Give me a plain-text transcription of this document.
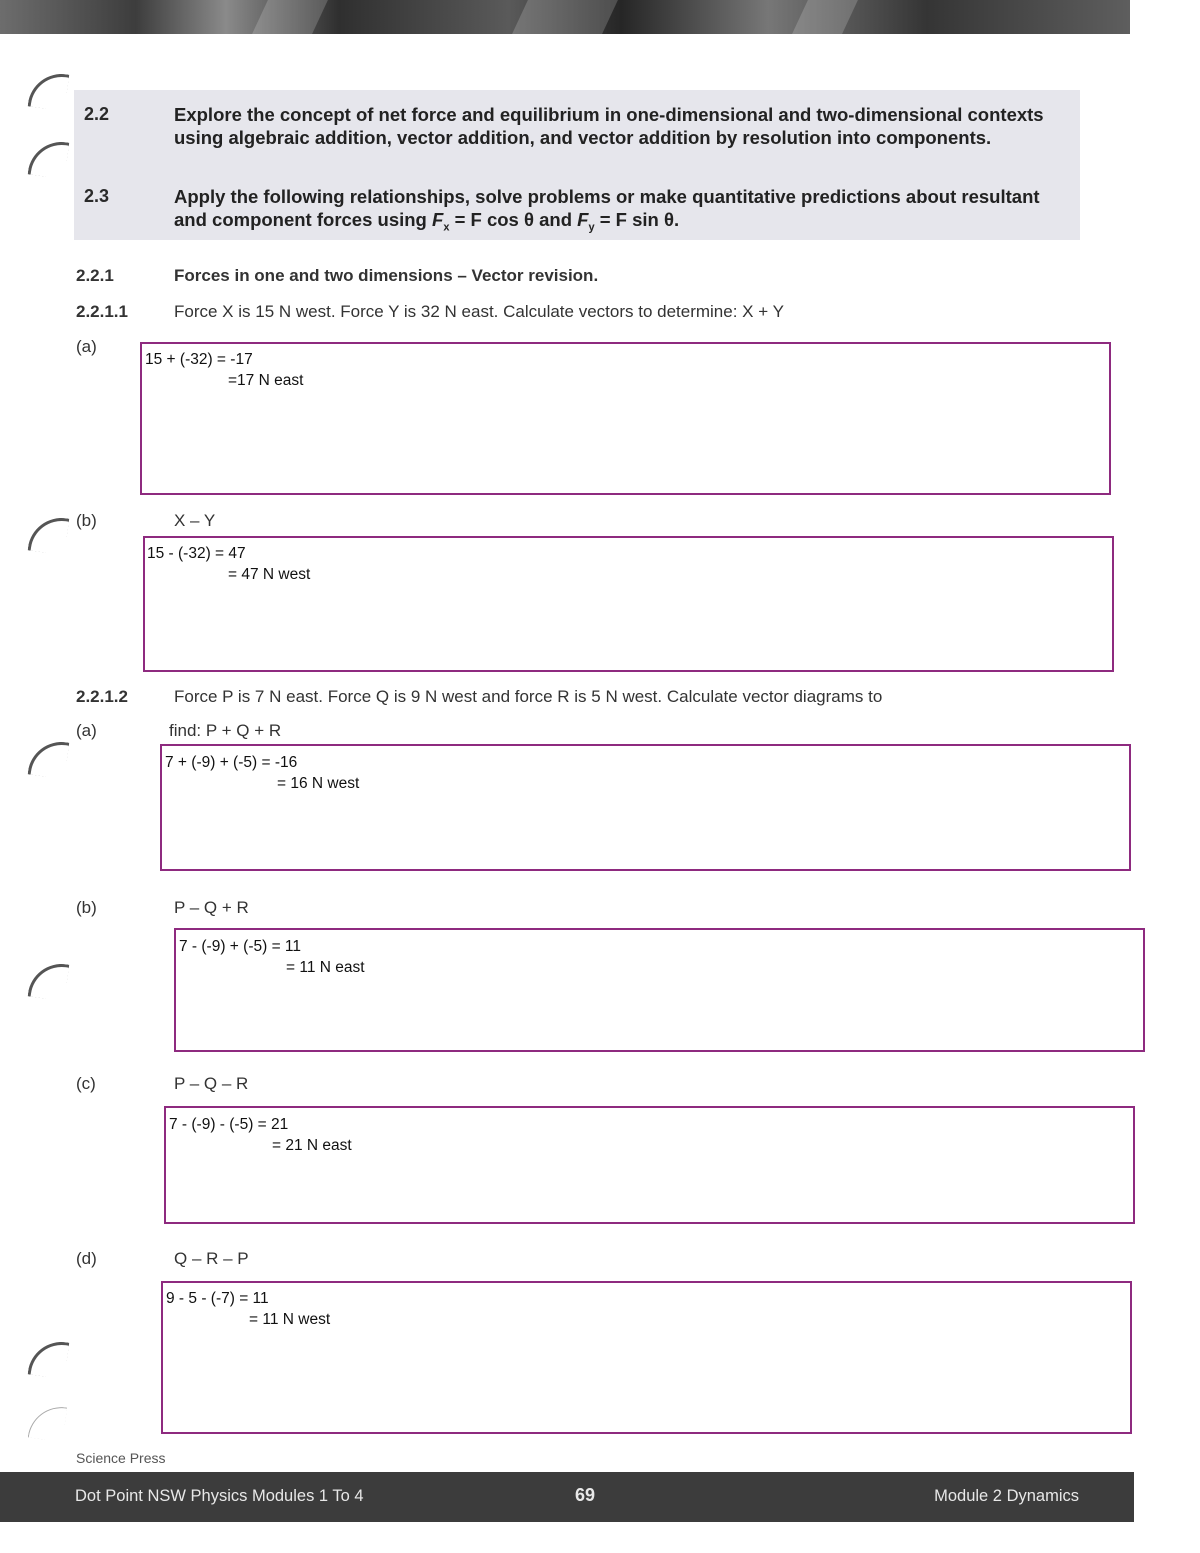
2.2	Explore the concept of net force and equilibrium in one-dimensional and two-dimensional contexts using algebraic addition, vector addition, and vector addition by resolution into components.
2.3	Apply the following relationships, solve problems or make quantitative predictions about resultant and component forces using $F_x = F$ cos θ and $F_y = F$ sin θ.
2.2.1	Forces in one and two dimensions – Vector revision.
2.2.1.1	Force X is 15 N west. Force Y is 32 N east. Calculate vectors to determine: X + Y
(a)
15 + (-32) = -17
=17 N east
(b)	X – Y
15 - (-32) = 47
= 47 N west
2.2.1.2	Force P is 7 N east. Force Q is 9 N west and force R is 5 N west. Calculate vector diagrams to
(a)	find: P + Q + R
7 + (-9) + (-5) = -16
= 16 N west
(b)	P – Q + R
7 - (-9) + (-5) = 11
= 11 N east
(c)	P – Q – R
7 - (-9) - (-5) = 21
= 21 N east
(d)	Q – R – P
9 - 5 - (-7) = 11
= 11 N west
Science Press
Dot Point NSW Physics Modules 1 To 4	69	Module 2 Dynamics
